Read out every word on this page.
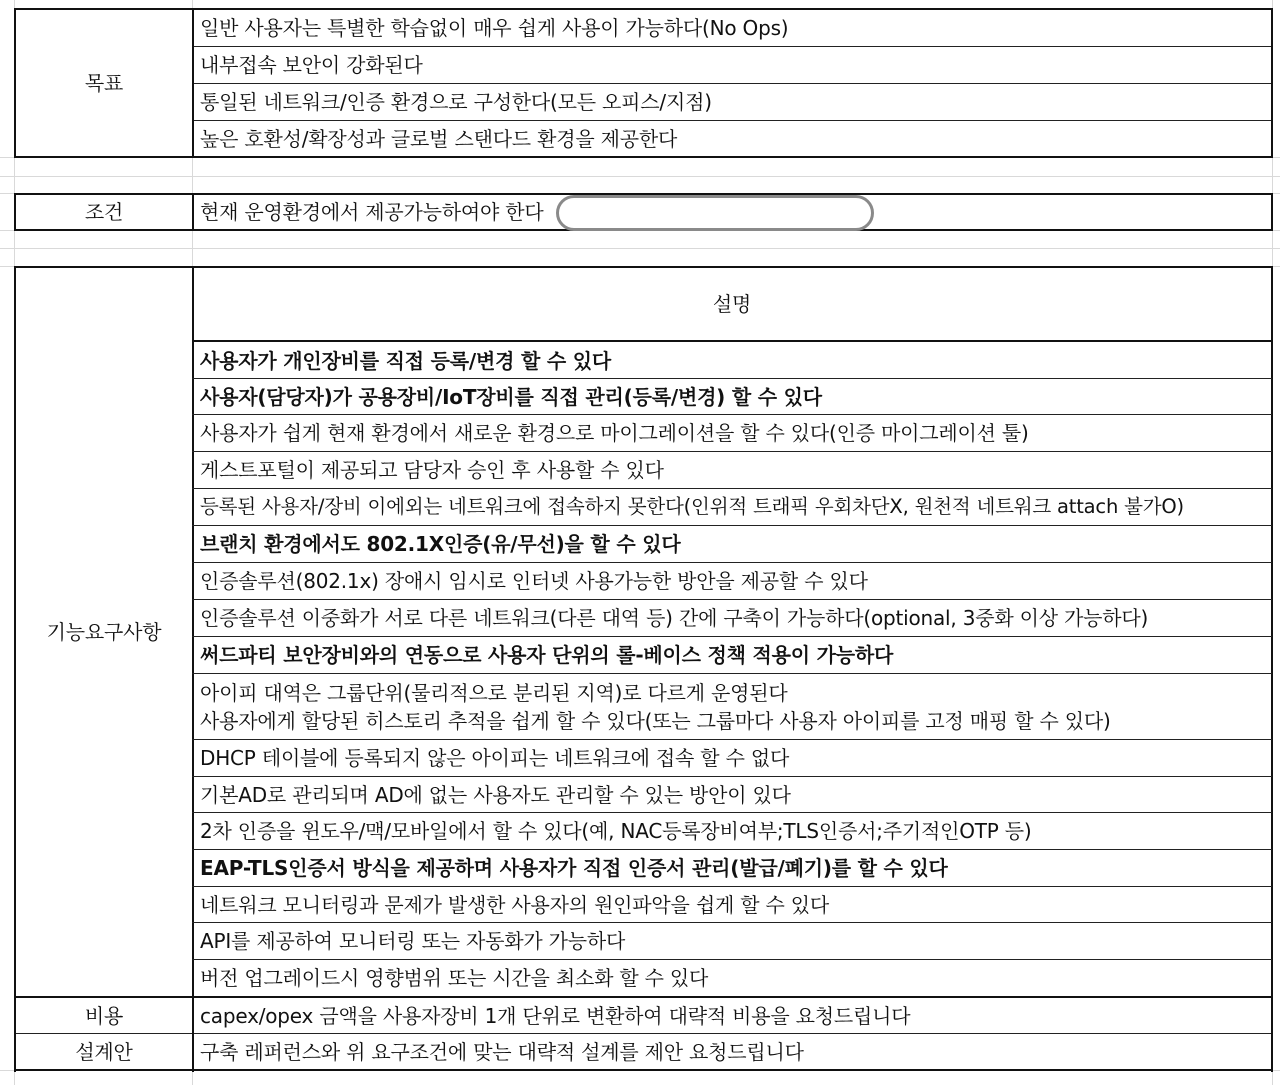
목표
일반 사용자는 특별한 학습없이 매우 쉽게 사용이 가능하다(No Ops)
내부접속 보안이 강화된다
통일된 네트워크/인증 환경으로 구성한다(모든 오피스/지점)
높은 호환성/확장성과 글로벌 스탠다드 환경을 제공한다
조건	현재 운영환경에서 제공가능하여야 한다
기능요구사항
설명
사용자가 개인장비를 직접 등록/변경 할 수 있다
사용자(담당자)가 공용장비/IoT장비를 직접 관리(등록/변경) 할 수 있다
사용자가 쉽게 현재 환경에서 새로운 환경으로 마이그레이션을 할 수 있다(인증 마이그레이션 툴)
게스트포털이 제공되고 담당자 승인 후 사용할 수 있다
등록된 사용자/장비 이에외는 네트워크에 접속하지 못한다(인위적 트래픽 우회차단X, 원천적 네트워크 attach 불가O)
브랜치 환경에서도 802.1X인증(유/무선)을 할 수 있다
인증솔루션(802.1x) 장애시 임시로 인터넷 사용가능한 방안을 제공할 수 있다
인증솔루션 이중화가 서로 다른 네트워크(다른 대역 등) 간에 구축이 가능하다(optional, 3중화 이상 가능하다)
써드파티 보안장비와의 연동으로 사용자 단위의 롤-베이스 정책 적용이 가능하다
아이피 대역은 그룹단위(물리적으로 분리된 지역)로 다르게 운영된다
사용자에게 할당된 히스토리 추적을 쉽게 할 수 있다(또는 그룹마다 사용자 아이피를 고정 매핑 할 수 있다)
DHCP 테이블에 등록되지 않은 아이피는 네트워크에 접속 할 수 없다
기본AD로 관리되며 AD에 없는 사용자도 관리할 수 있는 방안이 있다
2차 인증을 윈도우/맥/모바일에서 할 수 있다(예, NAC등록장비여부;TLS인증서;주기적인OTP 등)
EAP-TLS인증서 방식을 제공하며 사용자가 직접 인증서 관리(발급/폐기)를 할 수 있다
네트워크 모니터링과 문제가 발생한 사용자의 원인파악을 쉽게 할 수 있다
API를 제공하여 모니터링 또는 자동화가 가능하다
버전 업그레이드시 영향범위 또는 시간을 최소화 할 수 있다
비용	capex/opex 금액을 사용자장비 1개 단위로 변환하여 대략적 비용을 요청드립니다
설계안	구축 레퍼런스와 위 요구조건에 맞는 대략적 설계를 제안 요청드립니다
